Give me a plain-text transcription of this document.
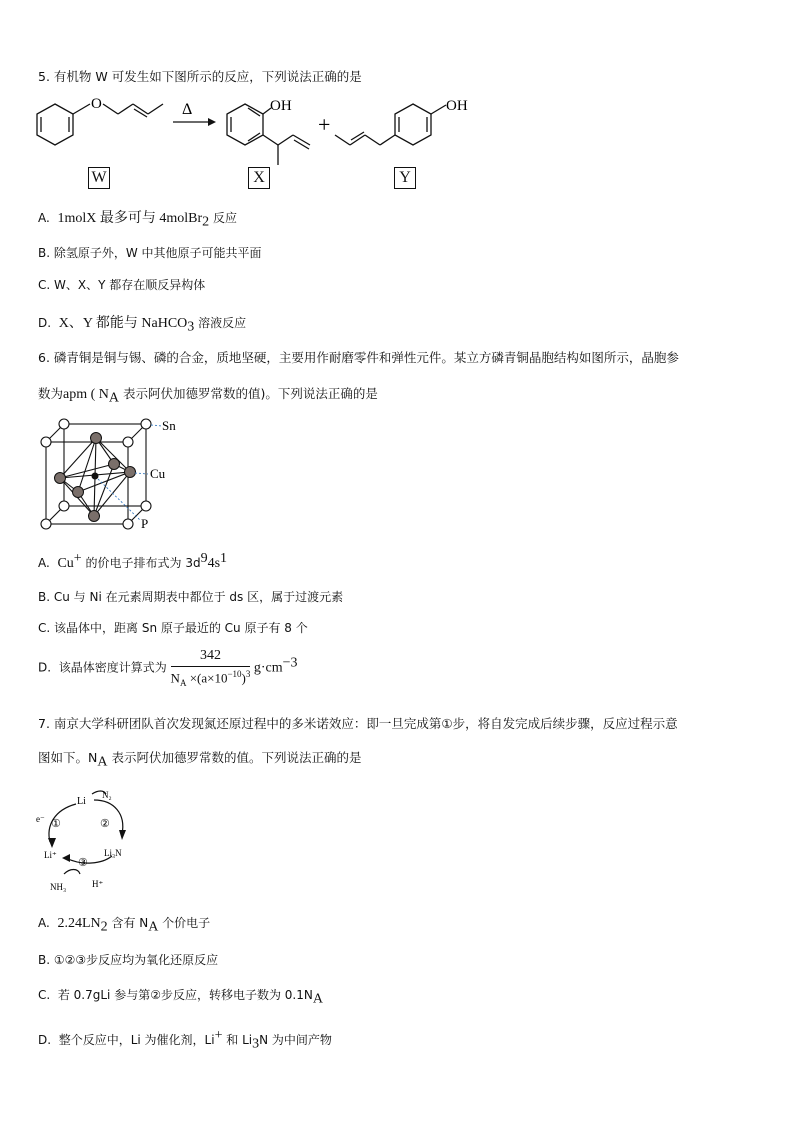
5. 有机物 W 可发生如下图所示的反应，下列说法正确的是
O	Δ	OH
+
OH
W	X	Y
A. 1molX 最多可与 4molBr$_2$ 反应
B. 除氢原子外，W 中其他原子可能共平面
C. W、X、Y 都存在顺反异构体
D. X、Y 都能与 NaHCO$_3$ 溶液反应
6. 磷青铜是铜与锡、磷的合金，质地坚硬，主要用作耐磨零件和弹性元件。某立方磷青铜晶胞结构如图所示，晶胞参
数为apm ( $N_A$ 表示阿伏加德罗常数的值)。下列说法正确的是
Sn
Cu
P
A. Cu+ 的价电子排布式为 $3d^94s^1$
B. Cu 与 Ni 在元素周期表中都位于 ds 区，属于过渡元素
C. 该晶体中，距离 Sn 原子最近的 Cu 原子有 8 个
D. 该晶体密度计算式为 $\frac{342}{N_A \times(a\times 10^{-10})^3} g\cdot cm^{-3}$
7. 南京大学科研团队首次发现氮还原过程中的多米诺效应：即一旦完成第①步，将自发完成后续步骤，反应过程示意
图如下。$N_A$ 表示阿伏加德罗常数的值。下列说法正确的是
Li
N₂
e⁻ ①	②
③
Li⁺	Li₃N
NH₃	H⁺
A. $2.24LN_2$ 含有 $N_A$ 个价电子
B. ①②③步反应均为氧化还原反应
C. 若 0.7gLi 参与第②步反应，转移电子数为 $0.1N_A$
D. 整个反应中，Li 为催化剂，Li+ 和 $Li_3N$ 为中间产物
